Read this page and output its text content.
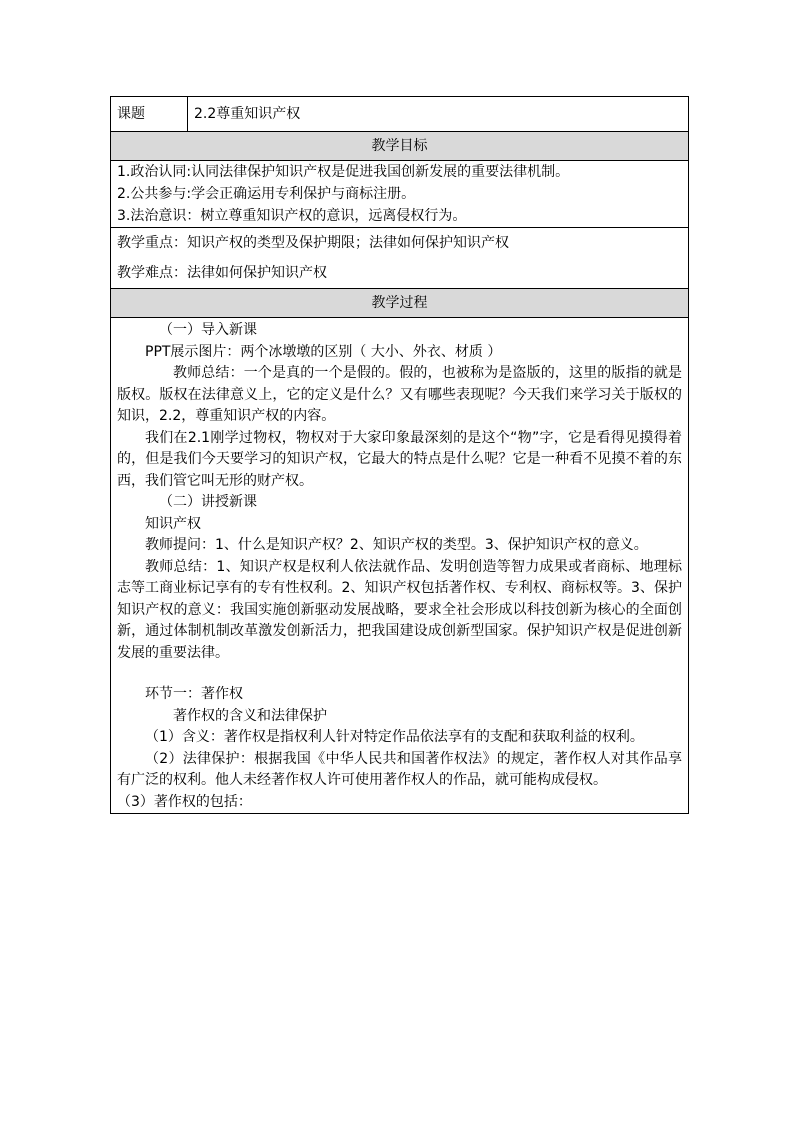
课题	2.2尊重知识产权
教学目标

1.政治认同:认同法律保护知识产权是促进我国创新发展的重要法律机制。
2.公共参与:学会正确运用专利保护与商标注册。
3.法治意识：树立尊重知识产权的意识，远离侵权行为。

教学重点：知识产权的类型及保护期限；法律如何保护知识产权
教学难点：法律如何保护知识产权

教学过程

（一）导入新课

PPT展示图片：两个冰墩墩的区别（ 大小、外衣、材质 ）

教师总结：一个是真的一个是假的。假的，也被称为是盗版的，这里的版指的就是版权。版权在法律意义上，它的定义是什么？又有哪些表现呢？今天我们来学习关于版权的知识，2.2，尊重知识产权的内容。

我们在2.1刚学过物权，物权对于大家印象最深刻的是这个“物”字，它是看得见摸得着的，但是我们今天要学习的知识产权，它最大的特点是什么呢？它是一种看不见摸不着的东西，我们管它叫无形的财产权。

（二）讲授新课

知识产权

教师提问：1、什么是知识产权？2、知识产权的类型。3、保护知识产权的意义。

教师总结：1、知识产权是权利人依法就作品、发明创造等智力成果或者商标、地理标志等工商业标记享有的专有性权利。2、知识产权包括著作权、专利权、商标权等。3、保护知识产权的意义：我国实施创新驱动发展战略，要求全社会形成以科技创新为核心的全面创新，通过体制机制改革激发创新活力，把我国建设成创新型国家。保护知识产权是促进创新发展的重要法律。

环节一：著作权

著作权的含义和法律保护

（1）含义：著作权是指权利人针对特定作品依法享有的支配和获取利益的权利。

（2）法律保护：根据我国《中华人民共和国著作权法》的规定，著作权人对其作品享有广泛的权利。他人未经著作权人许可使用著作权人的作品，就可能构成侵权。

（3）著作权的包括：
